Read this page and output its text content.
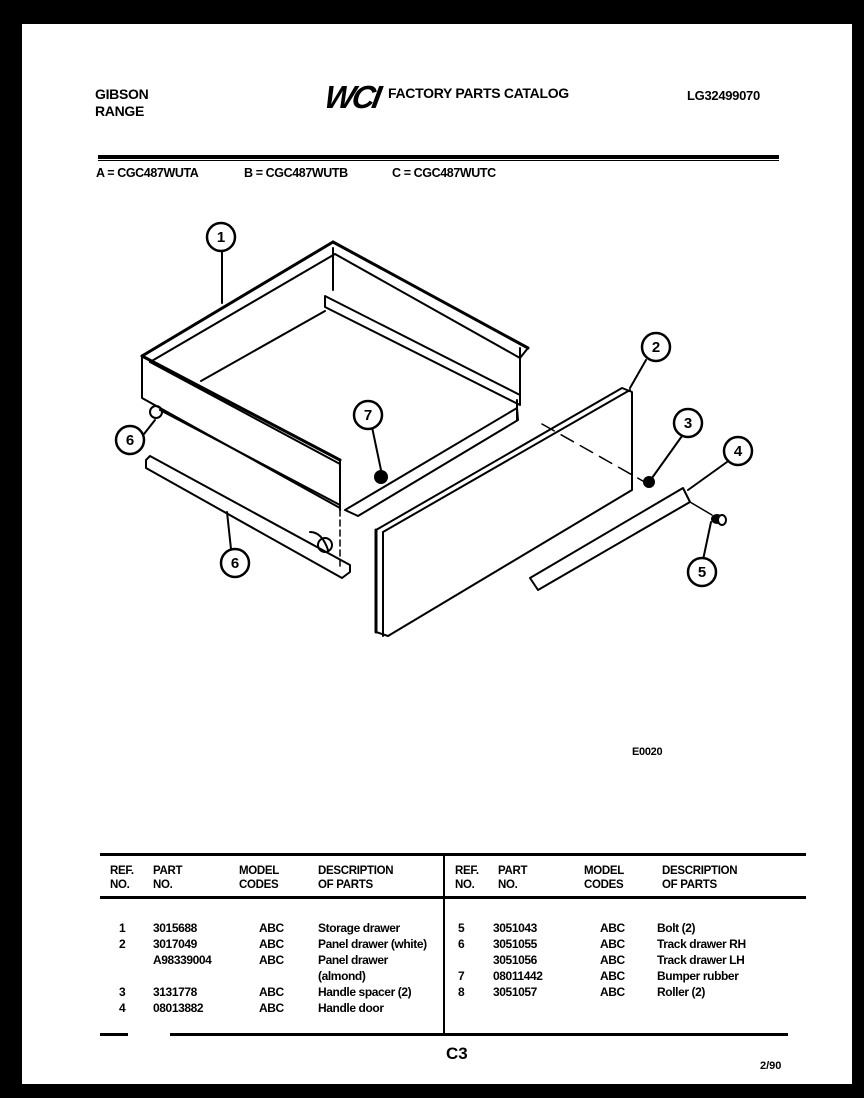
GIBSON
RANGE	WCI FACTORY PARTS CATALOG	LG32499070
A = CGC487WUTA	B = CGC487WUTB	C = CGC487WUTC
1
2
3
4
5
6
6
7
E0020
REF.
NO.
PART
NO.
MODEL
CODES
DESCRIPTION
OF PARTS
1 3015688	ABC	Storage drawer
2 3017049	ABC	Panel drawer (white)
A98339004	ABC	Panel drawer
(almond)
3 3131778	ABC	Handle spacer (2)
4 08013882	ABC	Handle door
REF.
NO.
PART
NO.
MODEL
CODES
DESCRIPTION
OF PARTS
5 3051043	ABC	Bolt (2)
6 3051055	ABC	Track drawer RH
3051056	ABC	Track drawer LH
7 08011442	ABC	Bumper rubber
8 3051057	ABC	Roller (2)
C3
2/90
